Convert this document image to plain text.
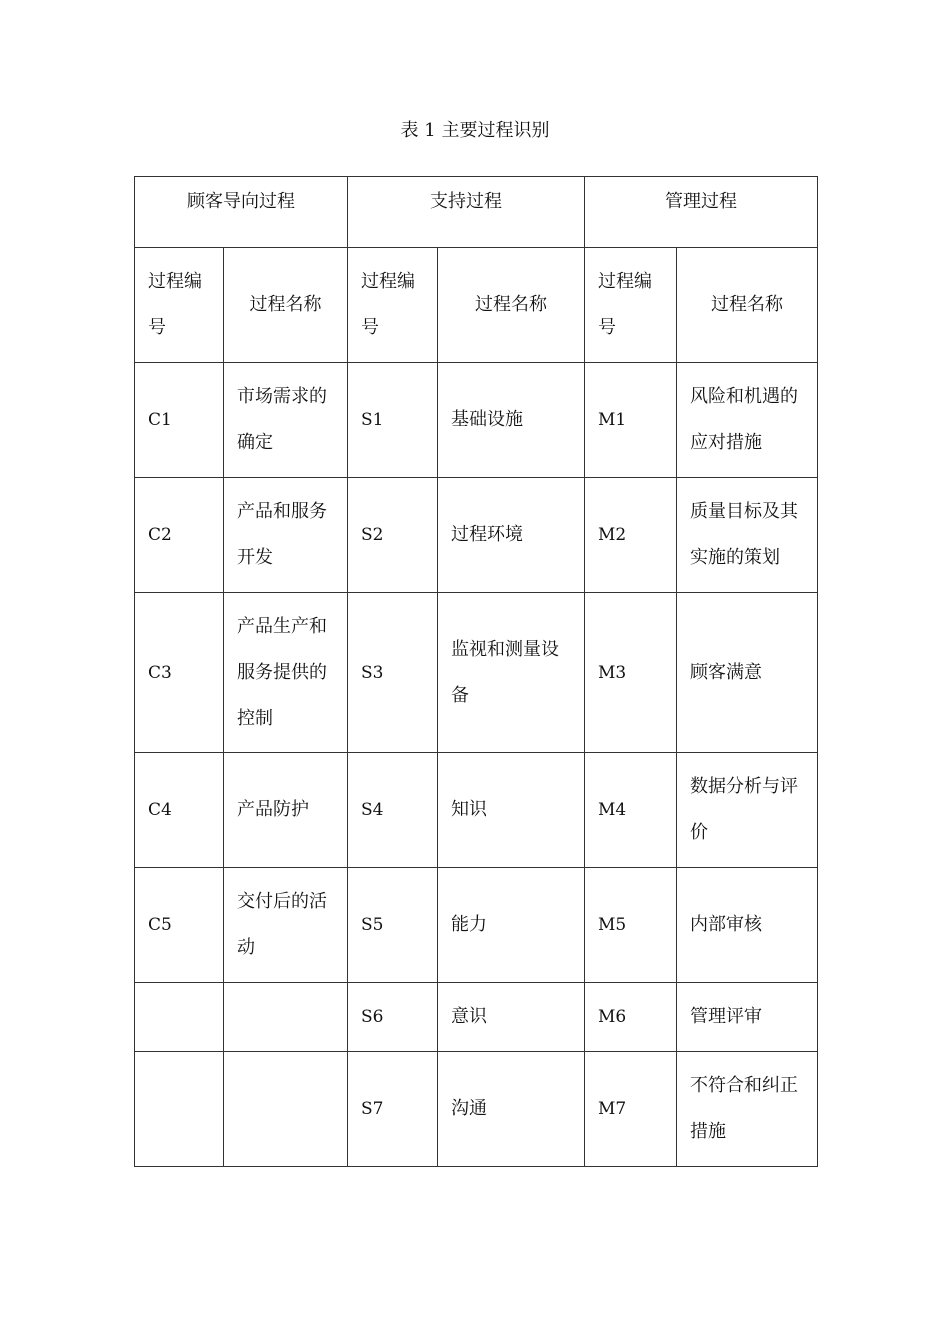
表 1 主要过程识别
顾客导向过程		支持过程		管理过程	
过程编号	过程名称	过程编号	过程名称	过程编号	过程名称
C1	市场需求的确定	S1	基础设施	M1	风险和机遇的应对措施
C2	产品和服务开发	S2	过程环境	M2	质量目标及其实施的策划
C3	产品生产和服务提供的控制	S3	监视和测量设备	M3	顾客满意
C4	产品防护	S4	知识	M4	数据分析与评价
C5	交付后的活动	S5	能力	M5	内部审核
		S6	意识	M6	管理评审
		S7	沟通	M7	不符合和纠正措施
